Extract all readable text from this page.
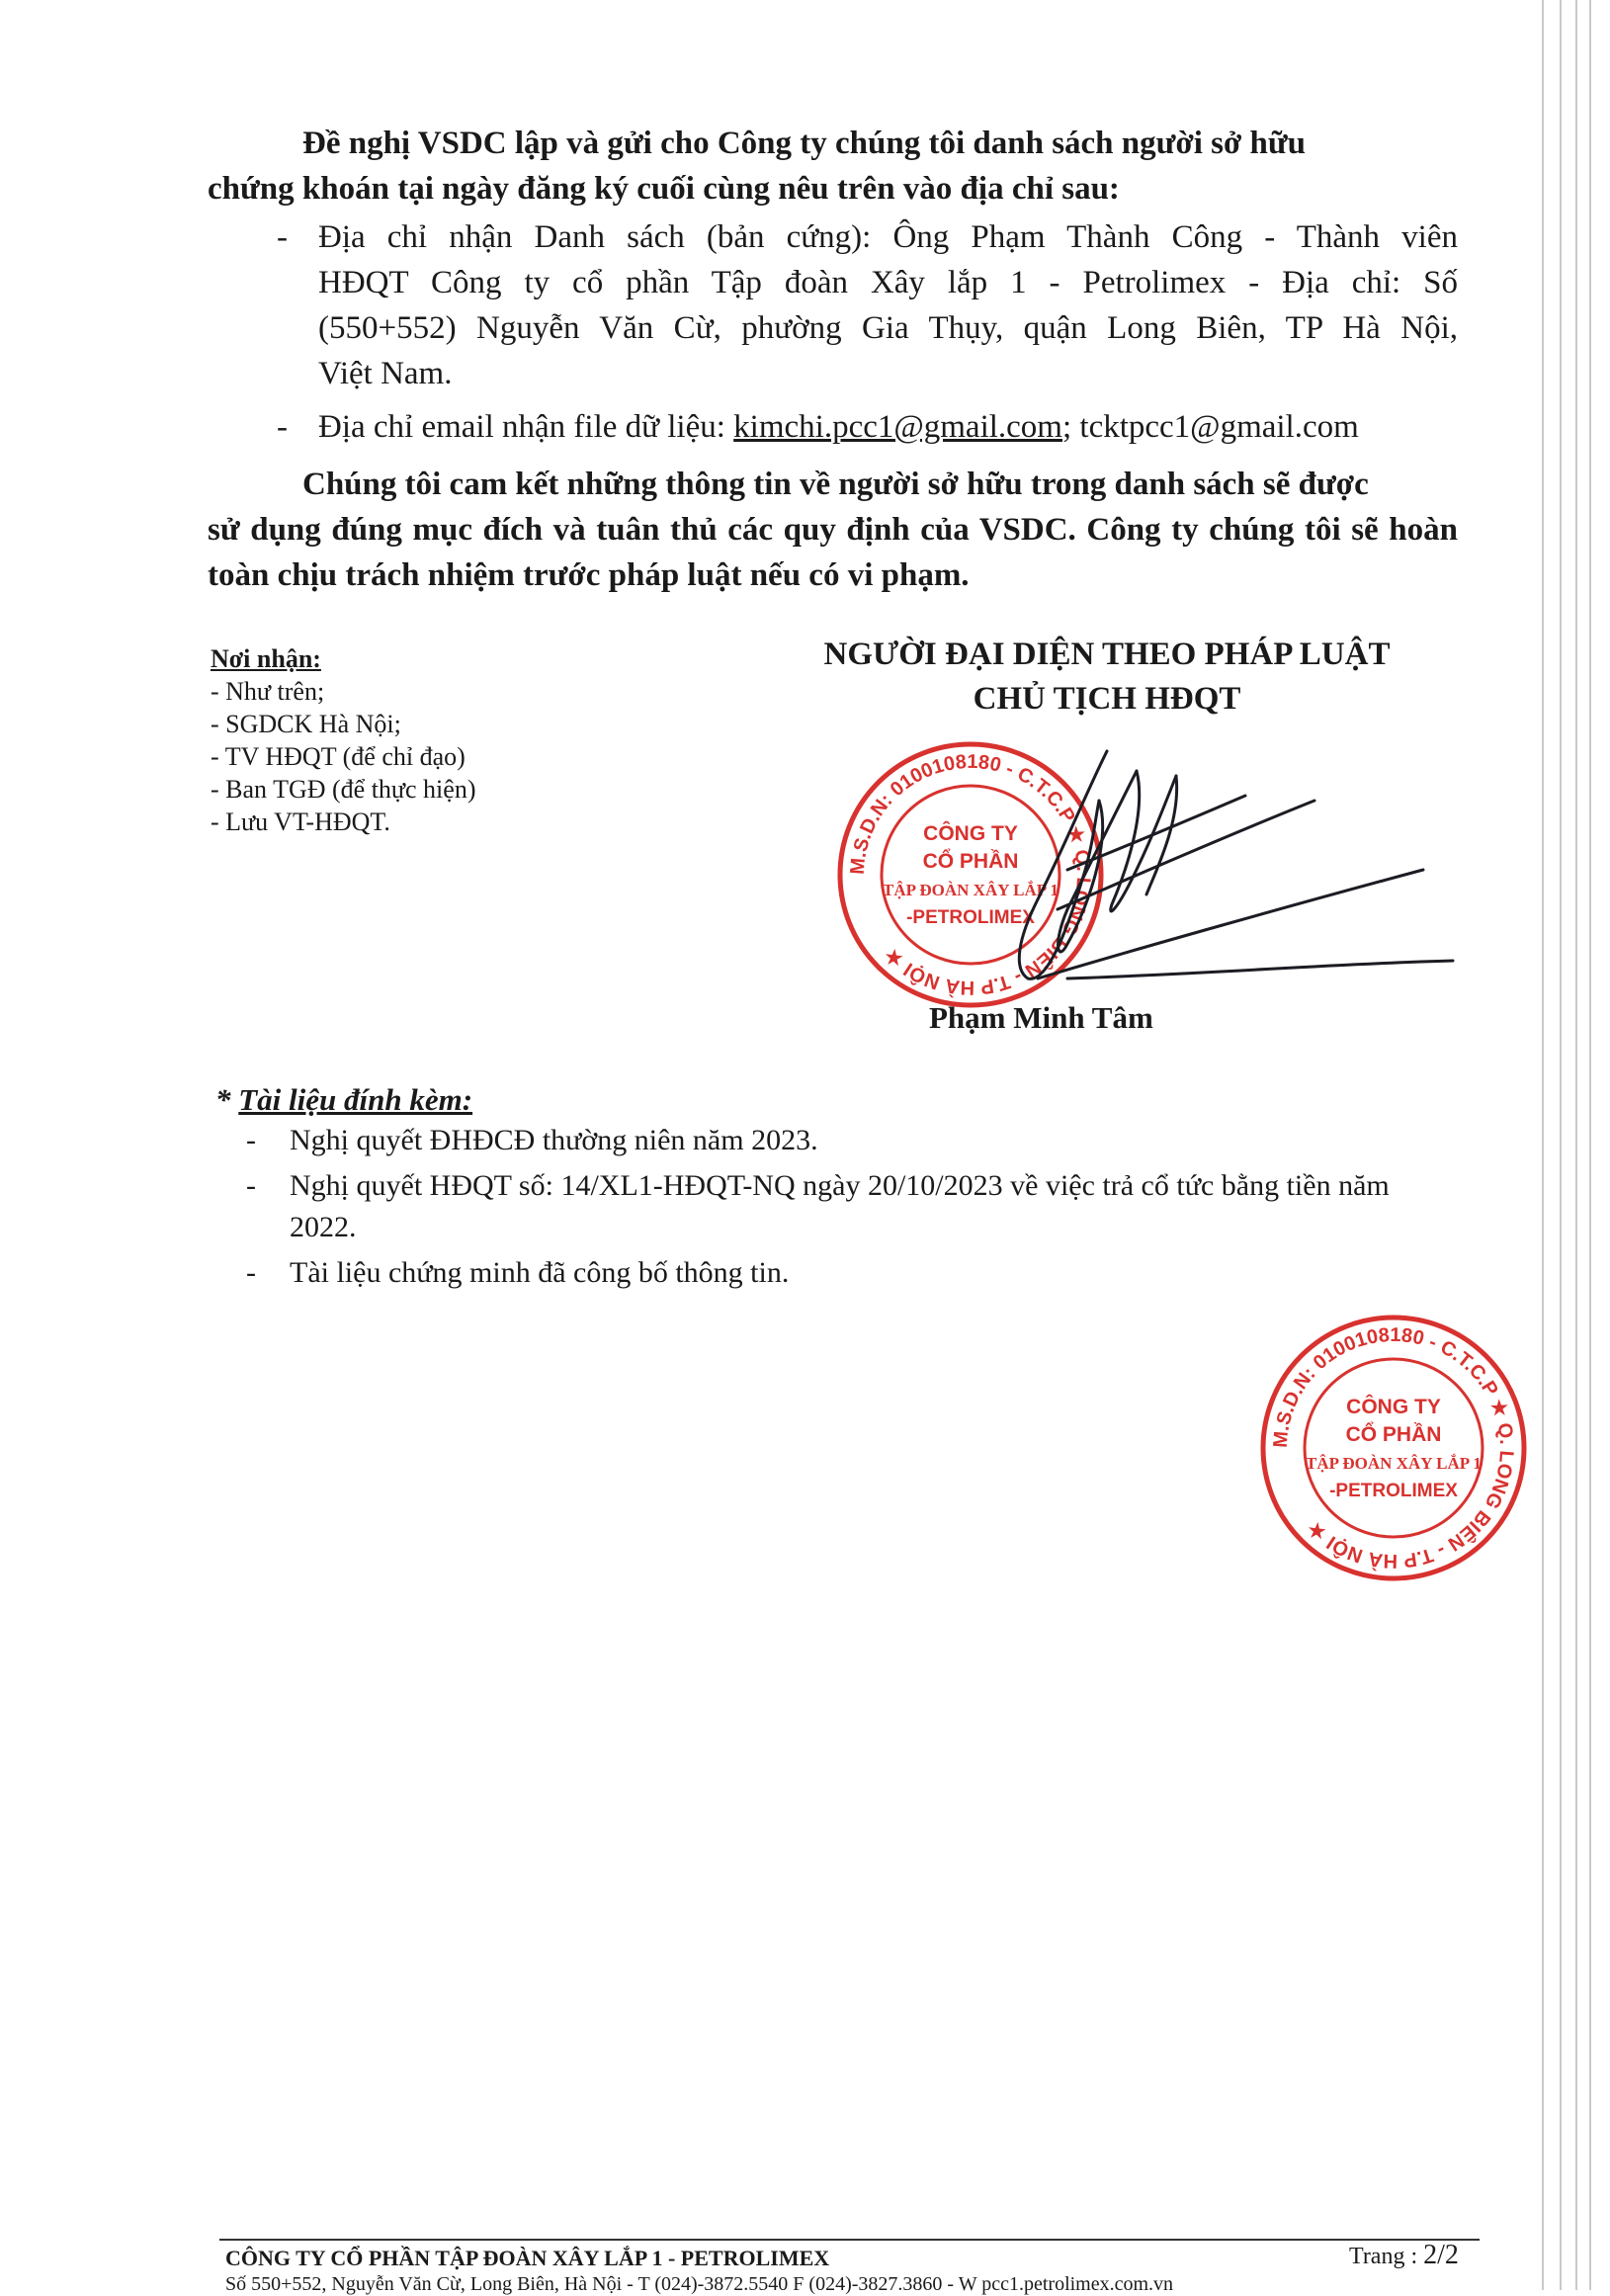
Đề nghị VSDC lập và gửi cho Công ty chúng tôi danh sách người sở hữu
chứng khoán tại ngày đăng ký cuối cùng nêu trên vào địa chỉ sau:
- Địa chỉ nhận Danh sách (bản cứng): Ông Phạm Thành Công - Thành viên
HĐQT Công ty cổ phần Tập đoàn Xây lắp 1 - Petrolimex - Địa chỉ: Số
(550+552) Nguyễn Văn Cừ, phường Gia Thụy, quận Long Biên, TP Hà Nội,
Việt Nam.
- Địa chỉ email nhận file dữ liệu: kimchi.pcc1@gmail.com; tcktpcc1@gmail.com
Chúng tôi cam kết những thông tin về người sở hữu trong danh sách sẽ được
sử dụng đúng mục đích và tuân thủ các quy định của VSDC. Công ty chúng tôi sẽ hoàn toàn chịu trách nhiệm trước pháp luật nếu có vi phạm.
Nơi nhận:
- Như trên;
- SGDCK Hà Nội;
- TV HĐQT (để chỉ đạo)
- Ban TGĐ (để thực hiện)
- Lưu VT-HĐQT.
NGƯỜI ĐẠI DIỆN THEO PHÁP LUẬT
CHỦ TỊCH HĐQT
M.S.D.N: 0100108180 - C.T.C.P ★ Q. LONG BIÊN - T.P HÀ NỘI ★
CÔNG TY
CỔ PHẦN
TẬP ĐOÀN XÂY LẮP 1
-PETROLIMEX
Phạm Minh Tâm
* Tài liệu đính kèm:
- Nghị quyết ĐHĐCĐ thường niên năm 2023.
- Nghị quyết HĐQT số: 14/XL1-HĐQT-NQ ngày 20/10/2023 về việc trả cổ tức bằng tiền năm 2022.
- Tài liệu chứng minh đã công bố thông tin.
M.S.D.N: 0100108180 - C.T.C.P ★ Q. LONG BIÊN - T.P HÀ NỘI ★
CÔNG TY
CỔ PHẦN
TẬP ĐOÀN XÂY LẮP 1
-PETROLIMEX
CÔNG TY CỔ PHẦN TẬP ĐOÀN XÂY LẮP 1 - PETROLIMEX	Trang : 2/2
Số 550+552, Nguyễn Văn Cừ, Long Biên, Hà Nội - T (024)-3872.5540 F (024)-3827.3860 - W pcc1.petrolimex.com.vn
